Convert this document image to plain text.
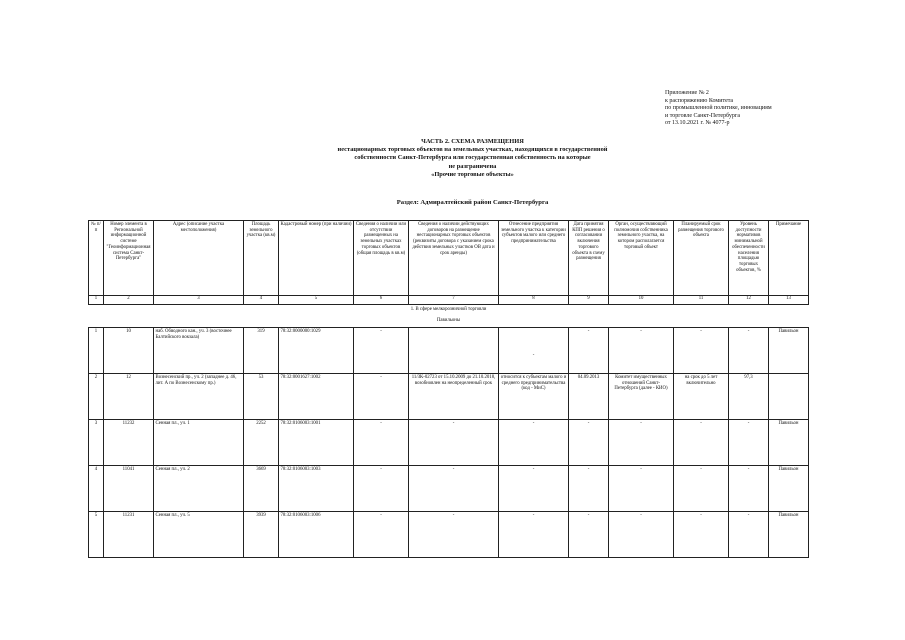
Приложение № 2
к распоряжению Комитета
по промышленной политике, инновациям
и торговле Санкт-Петербурга
от 13.10.2021 г. № 4077-р
ЧАСТЬ 2. СХЕМА РАЗМЕЩЕНИЯ
нестационарных торговых объектов на земельных участках, находящихся в государственной
собственности Санкт-Петербурга или государственная собственность на которые
не разграничена
«Прочие торговые объекты»
Раздел: Адмиралтейский район Санкт-Петербурга
№ п/п	Номер элемента в Региональной информационной системе "Геоинформационная система Санкт-Петербурга"	Адрес (описание участка местоположения)	Площадь земельного участка (кв.м)	Кадастровый номер (при наличии)	Сведения о наличии или отсутствии размещенных на земельных участках торговых объектов (общая площадь в кв.м)	Сведения о наличии действующих договоров на размещение нестационарных торговых объектов (реквизиты договора с указанием срока действия земельных участков ОВ дата и срок аренды)	Отнесение предприятия земельного участка к категории субъектов малого или среднего предпринимательства	Дата принятия КПП решения о согласовании включения торгового объекта в схему размещения	Орган, осуществляющий полномочия собственника земельного участка, на котором располагается торговый объект	Планируемый срок размещения торгового объекта	Уровень доступности нормативов минимальной обеспеченности населения площадью торговых объектов, %	Примечание
1	2	3	4	5	6	7	8	9	10	11	12	13
1. В сфере мелкорозничной торговли												
Павильоны												
1	10	наб. Обводного кан., уч. 3 (восточнее Балтийского вокзала)	319	78:32:0000000:1029	-		-	-	-	-	-	Павильон
2	12	Вознесенский пр., уч. 2 (западнее д. 46, лит. А по Вознесенскому пр.)	53	78:32:0001627:1002	-	11/ЗК-02723 от 15.10.2009 до 21.10.2018, возобновлен на неопределенный срок	относится к субъектам малого и среднего предпринимательства (код - МиС)	04.09.2013	Комитет имущественных отношений Санкт-Петербурга (далее - КИО)	на срок до 5 лет включительно	97,3	
3	11232	Сенная пл., уч. 1	2252	78:32:0106003:1001	-	-	-	-	-	-	-	Павильон
4	11041	Сенная пл., уч. 2	3669	78:32:0106003:1003	-	-	-	-	-	-	-	Павильон
5	11231	Сенная пл., уч. 5	3939	78:32:0106003:1006	-	-	-	-	-	-	-	Павильон
